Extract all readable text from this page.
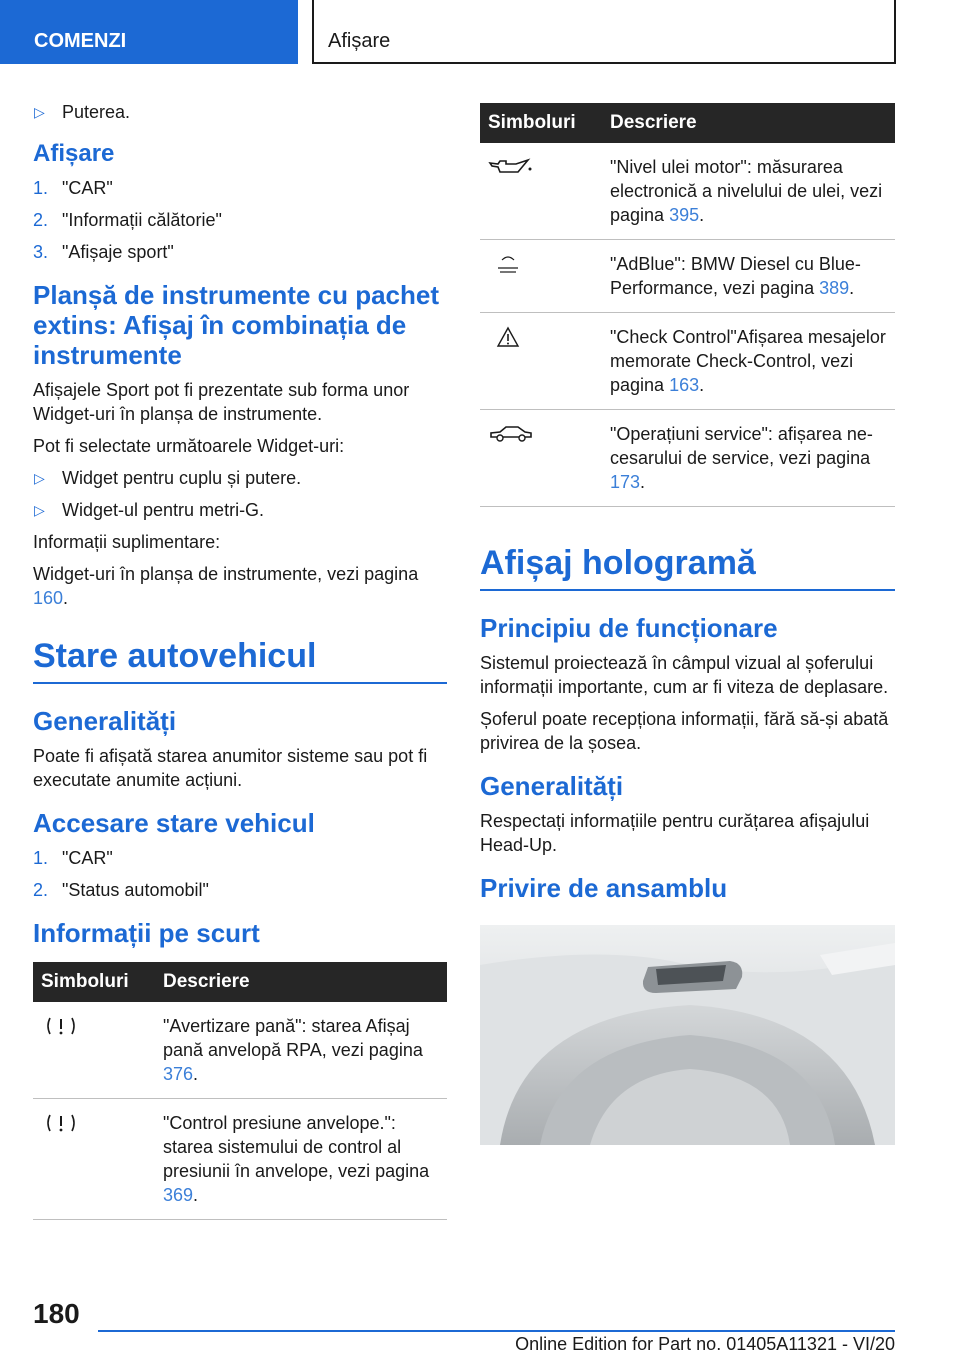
COMENZI	Afișare
▷ Puterea.
Afișare
1. "CAR"
2. "Informații călătorie"
3. "Afișaje sport"
Planșă de instrumente cu pachet extins: Afișaj în combinația de instrumente

Afișajele Sport pot fi prezentate sub forma unor Widget-uri în planșa de instrumente.

Pot fi selectate următoarele Widget-uri:

▷ Widget pentru cuplu și putere.
▷ Widget-ul pentru metri-G.

Informații suplimentare:

Widget-uri în planșa de instrumente, vezi pagina 160.

Stare autovehicul
Generalități

Poate fi afișată starea anumitor sisteme sau pot fi executate anumite acțiuni.

Accesare stare vehicul
1. "CAR"
2. "Status automobil"
Informații pe scurt
Simboluri	Descriere
	"Avertizare pană": starea Afișaj pană anvelopă RPA, vezi pagina 376.
	"Control presiune anvelope.": starea sistemului de control al presiunii în anvelope, vezi pagina 369.
Simboluri	Descriere
	"Nivel ulei motor": măsurarea electronică a nivelului de ulei, vezi pagina 395.
	"AdBlue": BMW Diesel cu BluePerformance, vezi pagina 389.
	"Check Control"Afișarea mesajelor memorate Check-Control, vezi pagina 163.
	"Operațiuni service": afișarea necesarului de service, vezi pagina 173.
Afișaj hologramă
Principiu de funcționare

Sistemul proiectează în câmpul vizual al șoferului informații importante, cum ar fi viteza de deplasare.

Șoferul poate recepționa informații, fără să-și abată privirea de la șosea.

Generalități

Respectați informațiile pentru curățarea afișajului Head-Up.

Privire de ansamblu
180
Online Edition for Part no. 01405A11321 - VI/20
